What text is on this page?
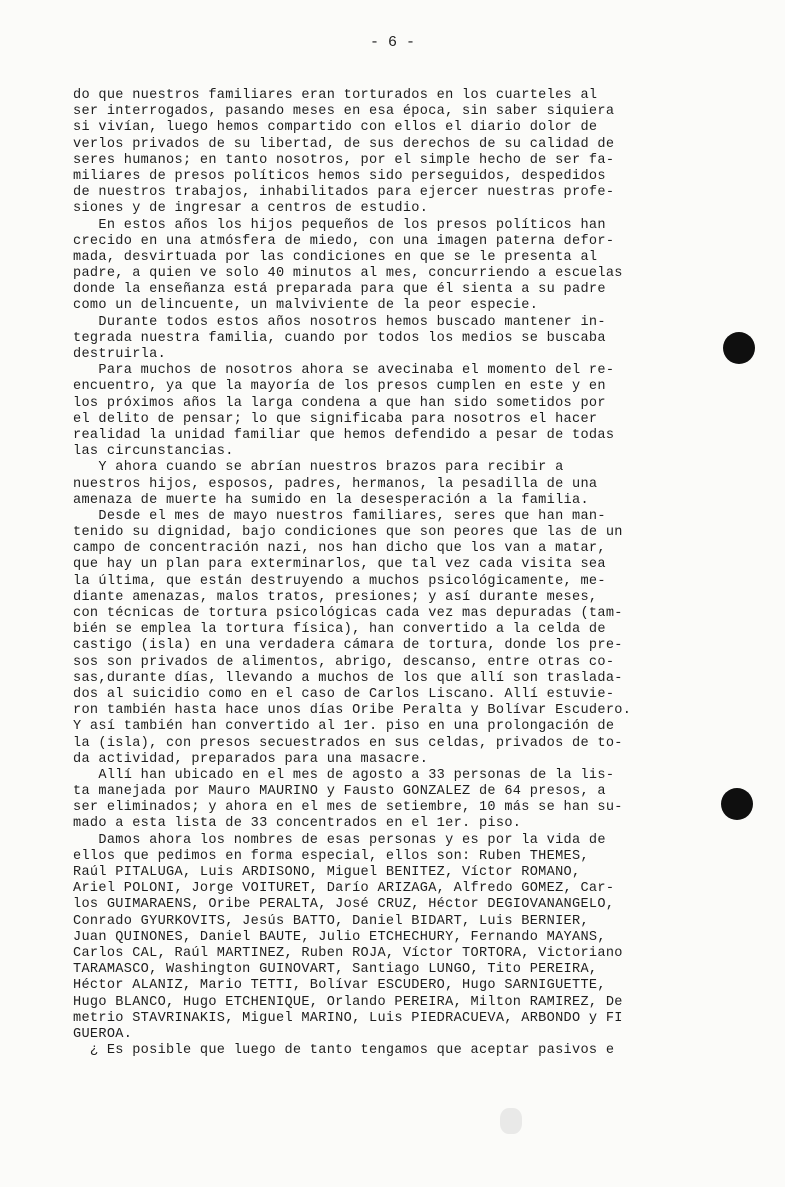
- 6 -
do que nuestros familiares eran torturados en los cuarteles al
ser interrogados, pasando meses en esa época, sin saber siquiera
si vivían, luego hemos compartido con ellos el diario dolor de
verlos privados de su libertad, de sus derechos de su calidad de
seres humanos; en tanto nosotros, por el simple hecho de ser fa-
miliares de presos políticos hemos sido perseguidos, despedidos
de nuestros trabajos, inhabilitados para ejercer nuestras profe-
siones y de ingresar a centros de estudio.
En estos años los hijos pequeños de los presos políticos han
crecido en una atmósfera de miedo, con una imagen paterna defor-
mada, desvirtuada por las condiciones en que se le presenta al
padre, a quien ve solo 40 minutos al mes, concurriendo a escuelas
donde la enseñanza está preparada para que él sienta a su padre
como un delincuente, un malviviente de la peor especie.
Durante todos estos años nosotros hemos buscado mantener in-
tegrada nuestra familia, cuando por todos los medios se buscaba
destruirla.
Para muchos de nosotros ahora se avecinaba el momento del re-
encuentro, ya que la mayoría de los presos cumplen en este y en
los próximos años la larga condena a que han sido sometidos por
el delito de pensar; lo que significaba para nosotros el hacer
realidad la unidad familiar que hemos defendido a pesar de todas
las circunstancias.
Y ahora cuando se abrían nuestros brazos para recibir a
nuestros hijos, esposos, padres, hermanos, la pesadilla de una
amenaza de muerte ha sumido en la desesperación a la familia.
Desde el mes de mayo nuestros familiares, seres que han man-
tenido su dignidad, bajo condiciones que son peores que las de un
campo de concentración nazi, nos han dicho que los van a matar,
que hay un plan para exterminarlos, que tal vez cada visita sea
la última, que están destruyendo a muchos psicológicamente, me-
diante amenazas, malos tratos, presiones; y así durante meses,
con técnicas de tortura psicológicas cada vez mas depuradas (tam-
bién se emplea la tortura física), han convertido a la celda de
castigo (isla) en una verdadera cámara de tortura, donde los pre-
sos son privados de alimentos, abrigo, descanso, entre otras co-
sas,durante días, llevando a muchos de los que allí son traslada-
dos al suicidio como en el caso de Carlos Liscano. Allí estuvie-
ron también hasta hace unos días Oribe Peralta y Bolívar Escudero.
Y así también han convertido al 1er. piso en una prolongación de
la (isla), con presos secuestrados en sus celdas, privados de to-
da actividad, preparados para una masacre.
Allí han ubicado en el mes de agosto a 33 personas de la lis-
ta manejada por Mauro MAURINO y Fausto GONZALEZ de 64 presos, a
ser eliminados; y ahora en el mes de setiembre, 10 más se han su-
mado a esta lista de 33 concentrados en el 1er. piso.
Damos ahora los nombres de esas personas y es por la vida de
ellos que pedimos en forma especial, ellos son: Ruben THEMES,
Raúl PITALUGA, Luis ARDISONO, Miguel BENITEZ, Víctor ROMANO,
Ariel POLONI, Jorge VOITURET, Darío ARIZAGA, Alfredo GOMEZ, Car-
los GUIMARAENS, Oribe PERALTA, José CRUZ, Héctor DEGIOVANANGELO,
Conrado GYURKOVITS, Jesús BATTO, Daniel BIDART, Luis BERNIER,
Juan QUINONES, Daniel BAUTE, Julio ETCHECHURY, Fernando MAYANS,
Carlos CAL, Raúl MARTINEZ, Ruben ROJA, Víctor TORTORA, Victoriano
TARAMASCO, Washington GUINOVART, Santiago LUNGO, Tito PEREIRA,
Héctor ALANIZ, Mario TETTI, Bolívar ESCUDERO, Hugo SARNIGUETTE,
Hugo BLANCO, Hugo ETCHENIQUE, Orlando PEREIRA, Milton RAMIREZ, De
metrio STAVRINAKIS, Miguel MARINO, Luis PIEDRACUEVA, ARBONDO y FI
GUEROA.
¿ Es posible que luego de tanto tengamos que aceptar pasivos e
